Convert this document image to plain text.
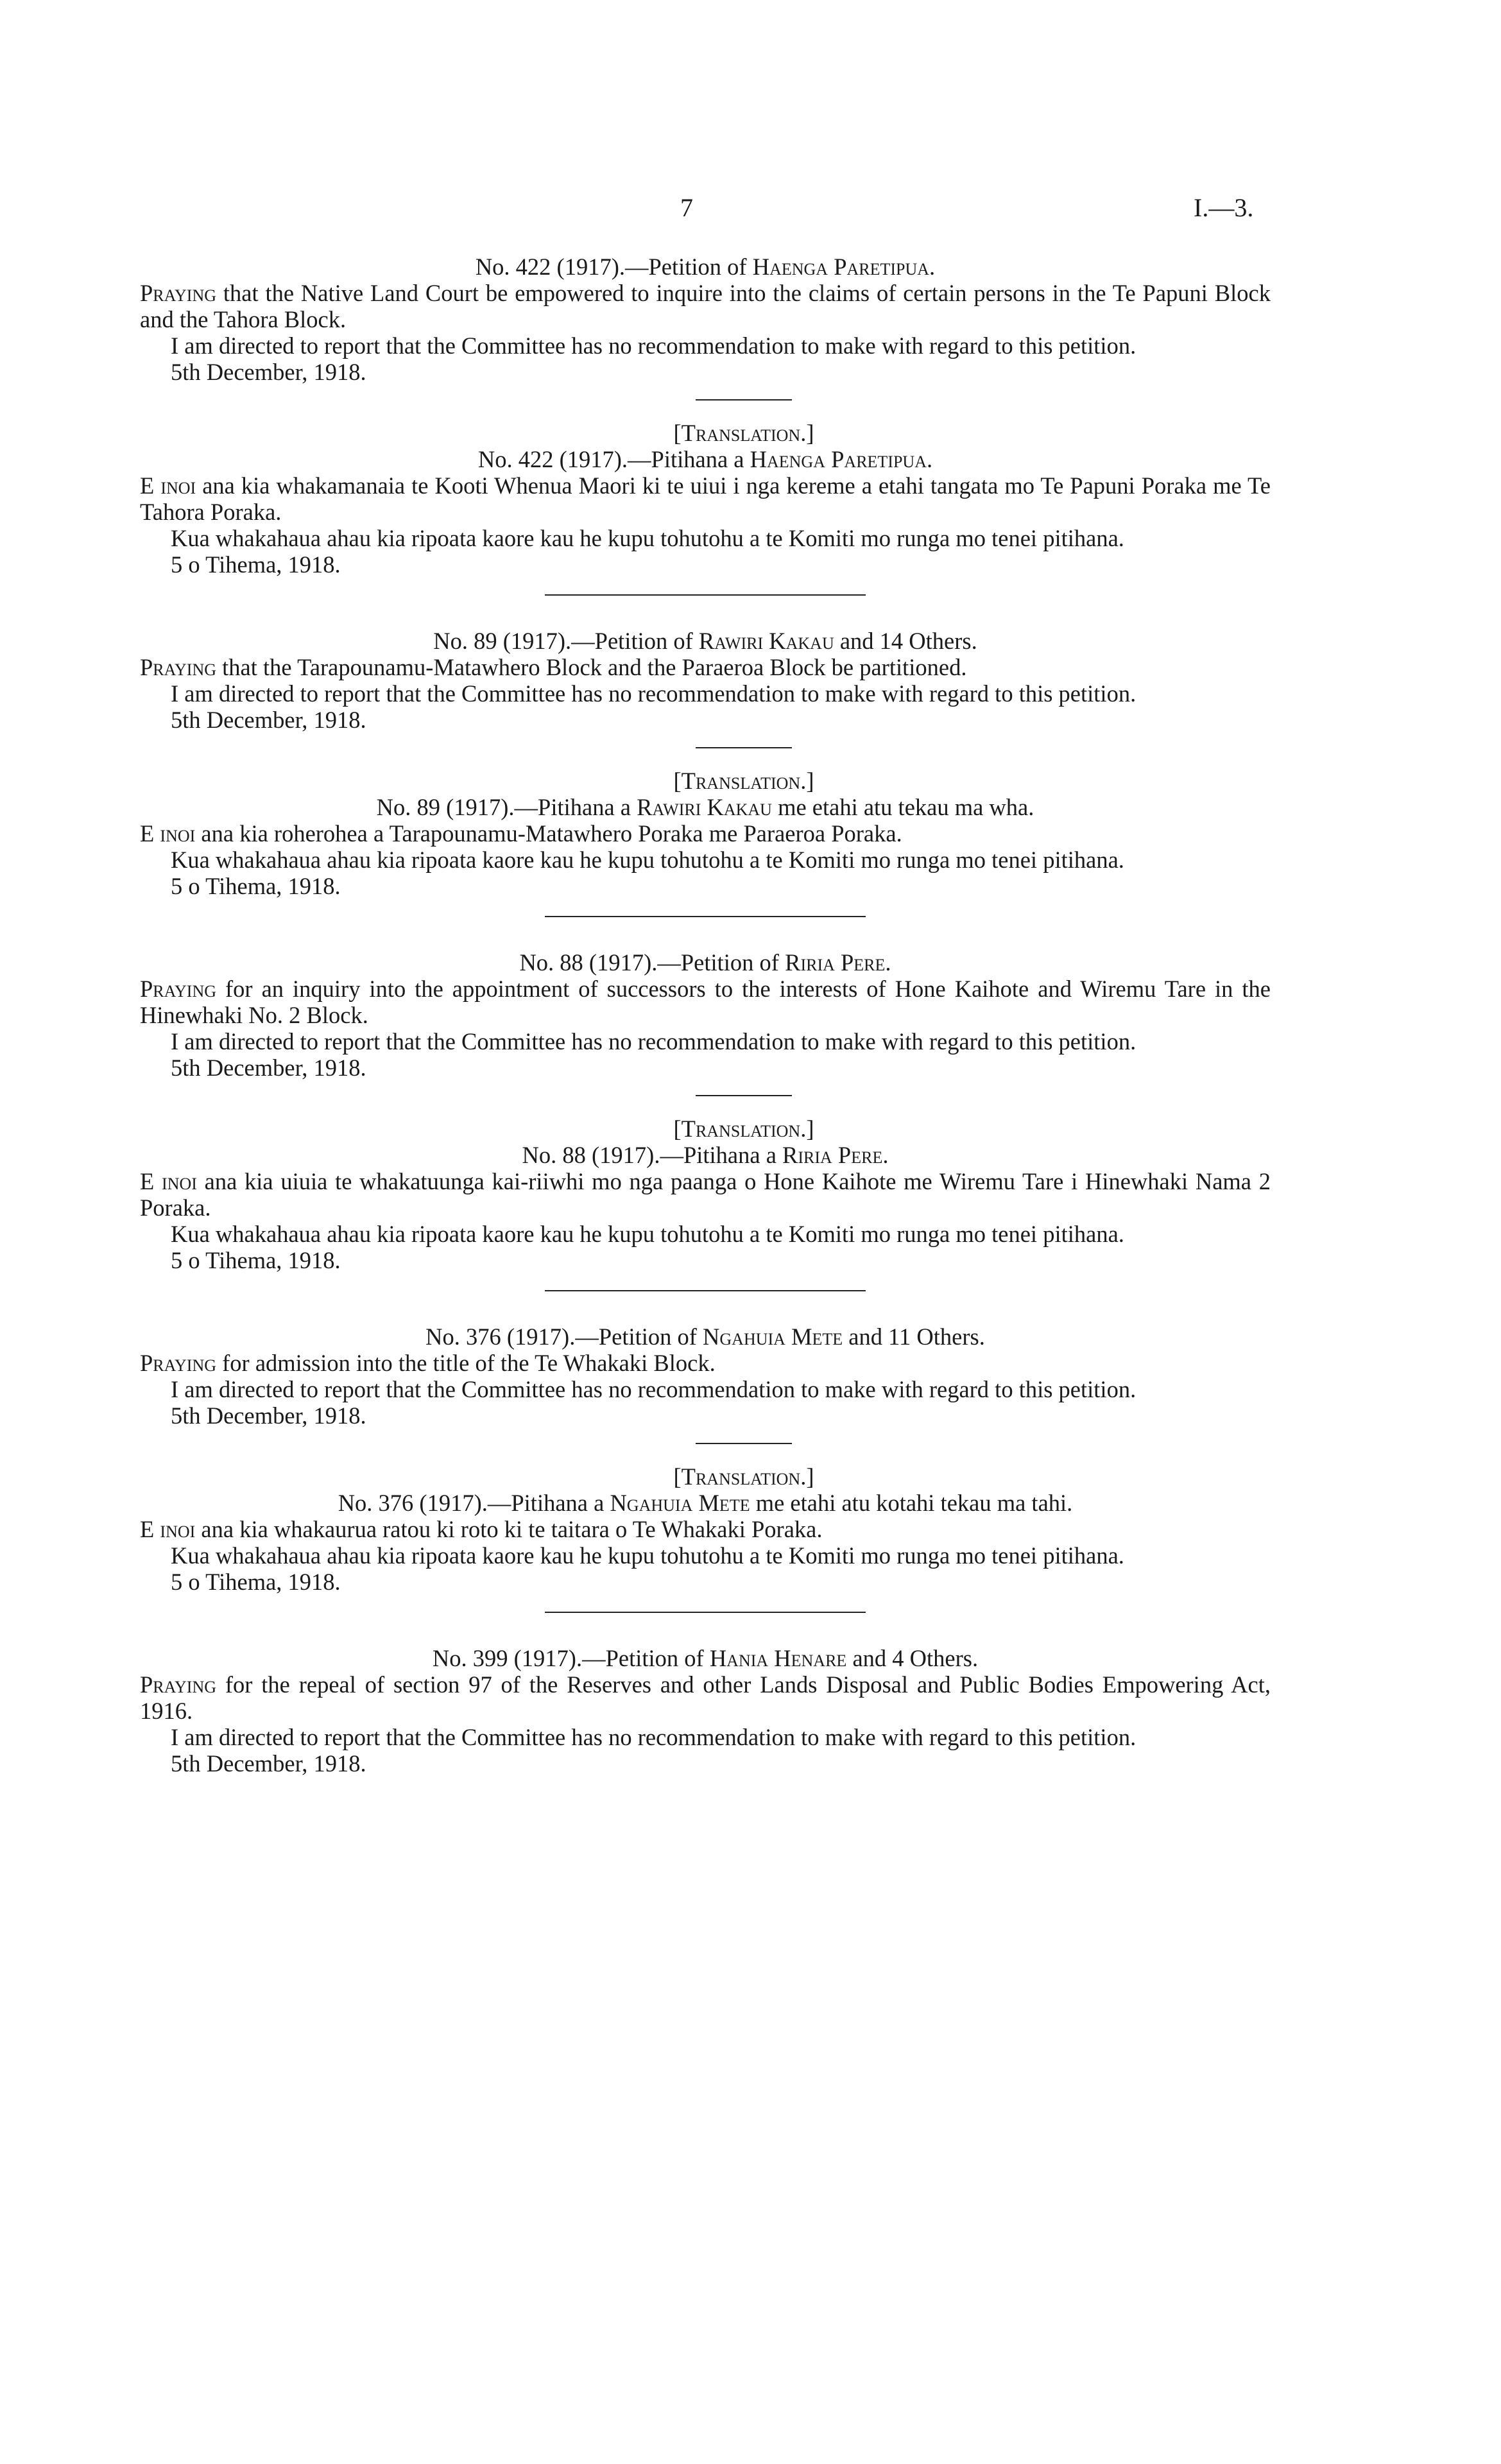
7	I.—3.

No. 422 (1917).—Petition of Haenga Paretipua.

Praying that the Native Land Court be empowered to inquire into the claims of certain persons in the Te Papuni Block and the Tahora Block.

I am directed to report that the Committee has no recommendation to make with regard to this petition.

5th December, 1918.

[Translation.]

No. 422 (1917).—Pitihana a Haenga Paretipua.

E inoi ana kia whakamanaia te Kooti Whenua Maori ki te uiui i nga kereme a etahi tangata mo Te Papuni Poraka me Te Tahora Poraka.

Kua whakahaua ahau kia ripoata kaore kau he kupu tohutohu a te Komiti mo runga mo tenei pitihana.

5 o Tihema, 1918.

No. 89 (1917).—Petition of Rawiri Kakau and 14 Others.

Praying that the Tarapounamu-Matawhero Block and the Paraeroa Block be partitioned.

I am directed to report that the Committee has no recommendation to make with regard to this petition.

5th December, 1918.

[Translation.]

No. 89 (1917).—Pitihana a Rawiri Kakau me etahi atu tekau ma wha.

E inoi ana kia roherohea a Tarapounamu-Matawhero Poraka me Paraeroa Poraka.

Kua whakahaua ahau kia ripoata kaore kau he kupu tohutohu a te Komiti mo runga mo tenei pitihana.

5 o Tihema, 1918.

No. 88 (1917).—Petition of Riria Pere.

Praying for an inquiry into the appointment of successors to the interests of Hone Kaihote and Wiremu Tare in the Hinewhaki No. 2 Block.

I am directed to report that the Committee has no recommendation to make with regard to this petition.

5th December, 1918.

[Translation.]

No. 88 (1917).—Pitihana a Riria Pere.

E inoi ana kia uiuia te whakatuunga kai-riiwhi mo nga paanga o Hone Kaihote me Wiremu Tare i Hinewhaki Nama 2 Poraka.

Kua whakahaua ahau kia ripoata kaore kau he kupu tohutohu a te Komiti mo runga mo tenei pitihana.

5 o Tihema, 1918.

No. 376 (1917).—Petition of Ngahuia Mete and 11 Others.

Praying for admission into the title of the Te Whakaki Block.

I am directed to report that the Committee has no recommendation to make with regard to this petition.

5th December, 1918.

[Translation.]

No. 376 (1917).—Pitihana a Ngahuia Mete me etahi atu kotahi tekau ma tahi.

E inoi ana kia whakaurua ratou ki roto ki te taitara o Te Whakaki Poraka.

Kua whakahaua ahau kia ripoata kaore kau he kupu tohutohu a te Komiti mo runga mo tenei pitihana.

5 o Tihema, 1918.

No. 399 (1917).—Petition of Hania Henare and 4 Others.

Praying for the repeal of section 97 of the Reserves and other Lands Disposal and Public Bodies Empowering Act, 1916.

I am directed to report that the Committee has no recommendation to make with regard to this petition.

5th December, 1918.
